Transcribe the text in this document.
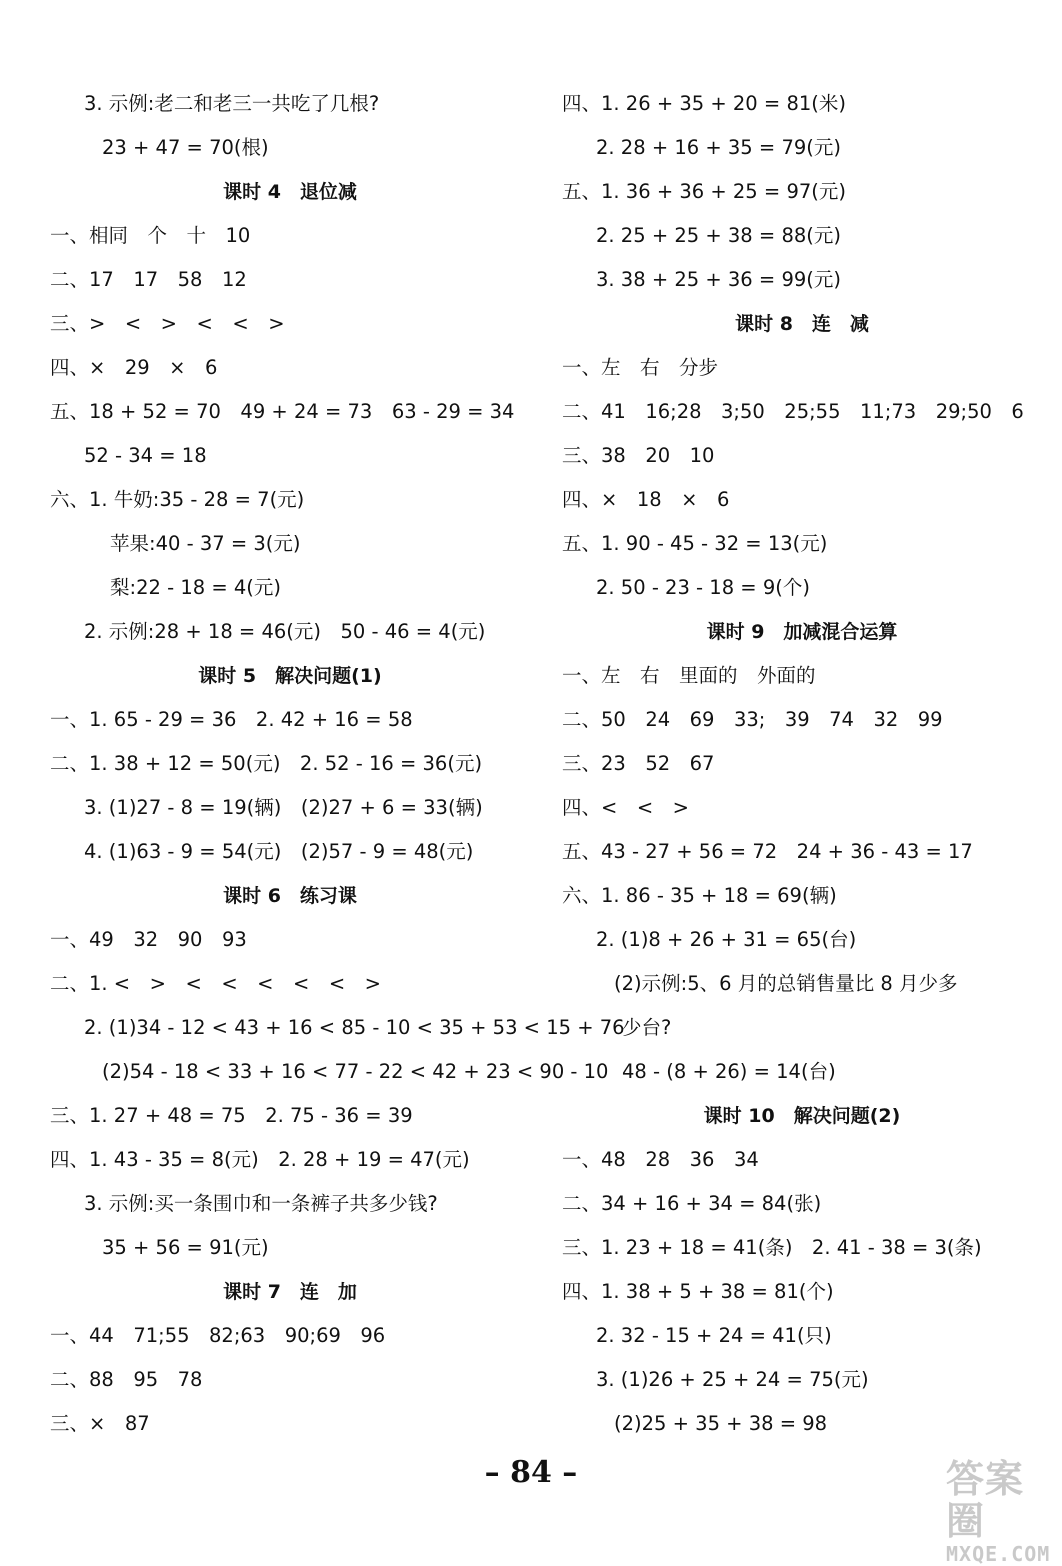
3. 示例:老二和老三一共吃了几根?
23 + 47 = 70(根)
课时 4　退位减
一、相同　个　十　10
二、17　17　58　12
三、>　<　>　<　<　>
四、×　29　×　6
五、18 + 52 = 70　49 + 24 = 73　63 - 29 = 34
52 - 34 = 18
六、1. 牛奶:35 - 28 = 7(元)
苹果:40 - 37 = 3(元)
梨:22 - 18 = 4(元)
2. 示例:28 + 18 = 46(元)　50 - 46 = 4(元)
课时 5　解决问题(1)
一、1. 65 - 29 = 36　2. 42 + 16 = 58
二、1. 38 + 12 = 50(元)　2. 52 - 16 = 36(元)
3. (1)27 - 8 = 19(辆)　(2)27 + 6 = 33(辆)
4. (1)63 - 9 = 54(元)　(2)57 - 9 = 48(元)
课时 6　练习课
一、49　32　90　93
二、1. <　>　<　<　<　<　<　>
2. (1)34 - 12 < 43 + 16 < 85 - 10 < 35 + 53 < 15 + 76
(2)54 - 18 < 33 + 16 < 77 - 22 < 42 + 23 < 90 - 10
三、1. 27 + 48 = 75　2. 75 - 36 = 39
四、1. 43 - 35 = 8(元)　2. 28 + 19 = 47(元)
3. 示例:买一条围巾和一条裤子共多少钱?
35 + 56 = 91(元)
课时 7　连　加
一、44　71;55　82;63　90;69　96
二、88　95　78
三、×　87
四、1. 26 + 35 + 20 = 81(米)
2. 28 + 16 + 35 = 79(元)
五、1. 36 + 36 + 25 = 97(元)
2. 25 + 25 + 38 = 88(元)
3. 38 + 25 + 36 = 99(元)
课时 8　连　减
一、左　右　分步
二、41　16;28　3;50　25;55　11;73　29;50　6
三、38　20　10
四、×　18　×　6
五、1. 90 - 45 - 32 = 13(元)
2. 50 - 23 - 18 = 9(个)
课时 9　加减混合运算
一、左　右　里面的　外面的
二、50　24　69　33;　39　74　32　99
三、23　52　67
四、<　<　>
五、43 - 27 + 56 = 72　24 + 36 - 43 = 17
六、1. 86 - 35 + 18 = 69(辆)
2. (1)8 + 26 + 31 = 65(台)
(2)示例:5、6 月的总销售量比 8 月少多
少台?
48 - (8 + 26) = 14(台)
课时 10　解决问题(2)
一、48　28　36　34
二、34 + 16 + 34 = 84(张)
三、1. 23 + 18 = 41(条)　2. 41 - 38 = 3(条)
四、1. 38 + 5 + 38 = 81(个)
2. 32 - 15 + 24 = 41(只)
3. (1)26 + 25 + 24 = 75(元)
(2)25 + 35 + 38 = 98
– 84 –	答案圈
MXQE.COM
